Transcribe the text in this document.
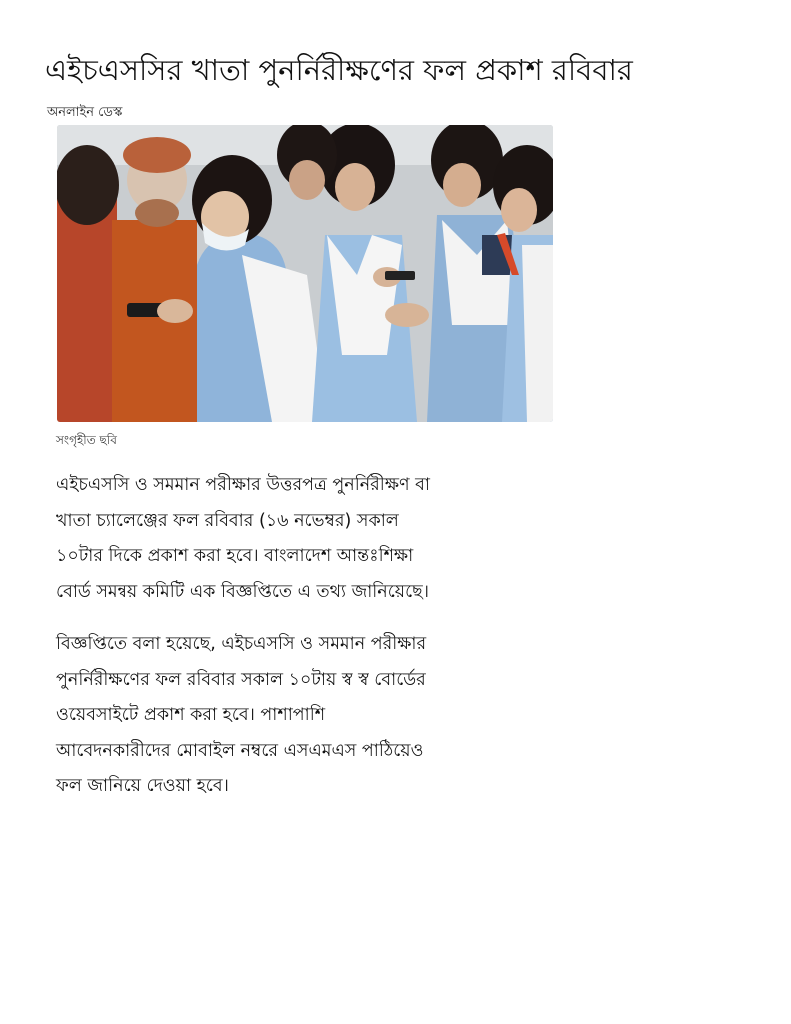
এইচএসসির খাতা পুনর্নিরীক্ষণের ফল প্রকাশ রবিবার
অনলাইন ডেস্ক
সংগৃহীত ছবি

এইচএসসি ও সমমান পরীক্ষার উত্তরপত্র পুনর্নিরীক্ষণ বা খাতা চ্যালেঞ্জের ফল রবিবার (১৬ নভেম্বর) সকাল ১০টার দিকে প্রকাশ করা হবে। বাংলাদেশ আন্তঃশিক্ষা বোর্ড সমন্বয় কমিটি এক বিজ্ঞপ্তিতে এ তথ্য জানিয়েছে।

বিজ্ঞপ্তিতে বলা হয়েছে, এইচএসসি ও সমমান পরীক্ষার পুনর্নিরীক্ষণের ফল রবিবার সকাল ১০টায় স্ব স্ব বোর্ডের ওয়েবসাইটে প্রকাশ করা হবে। পাশাপাশি আবেদনকারীদের মোবাইল নম্বরে এসএমএস পাঠিয়েও ফল জানিয়ে দেওয়া হবে।
